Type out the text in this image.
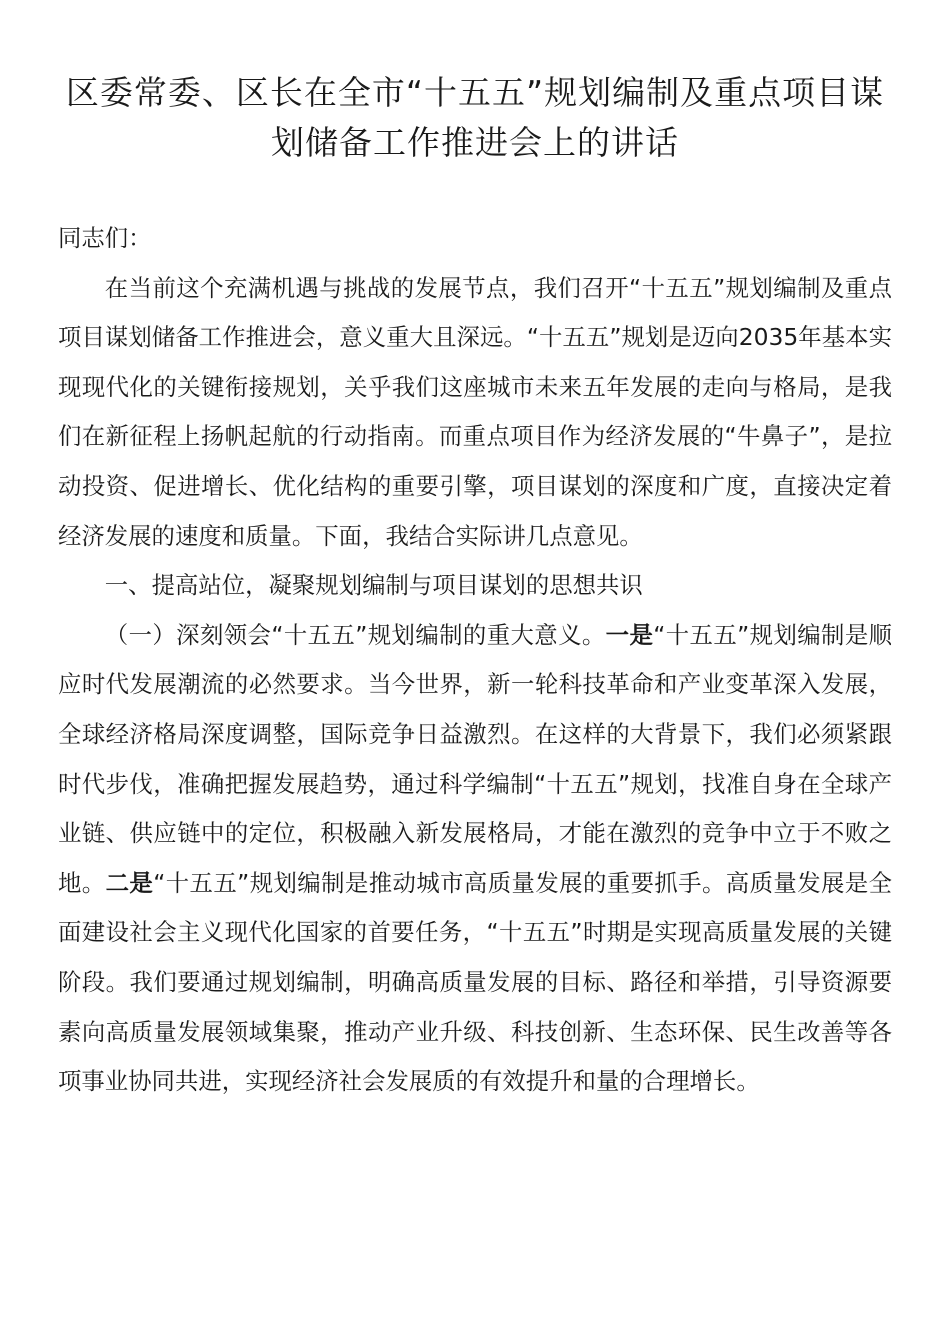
区委常委、区长在全市“十五五”规划编制及重点项目谋划储备工作推进会上的讲话

同志们：

在当前这个充满机遇与挑战的发展节点，我们召开“十五五”规划编制及重点项目谋划储备工作推进会，意义重大且深远。“十五五”规划是迈向2035年基本实现现代化的关键衔接规划，关乎我们这座城市未来五年发展的走向与格局，是我们在新征程上扬帆起航的行动指南。而重点项目作为经济发展的“牛鼻子”，是拉动投资、促进增长、优化结构的重要引擎，项目谋划的深度和广度，直接决定着经济发展的速度和质量。下面，我结合实际讲几点意见。

一、提高站位，凝聚规划编制与项目谋划的思想共识

（一）深刻领会“十五五”规划编制的重大意义。一是“十五五”规划编制是顺应时代发展潮流的必然要求。当今世界，新一轮科技革命和产业变革深入发展，全球经济格局深度调整，国际竞争日益激烈。在这样的大背景下，我们必须紧跟时代步伐，准确把握发展趋势，通过科学编制“十五五”规划，找准自身在全球产业链、供应链中的定位，积极融入新发展格局，才能在激烈的竞争中立于不败之地。二是“十五五”规划编制是推动城市高质量发展的重要抓手。高质量发展是全面建设社会主义现代化国家的首要任务，“十五五”时期是实现高质量发展的关键阶段。我们要通过规划编制，明确高质量发展的目标、路径和举措，引导资源要素向高质量发展领域集聚，推动产业升级、科技创新、生态环保、民生改善等各项事业协同共进，实现经济社会发展质的有效提升和量的合理增长。
